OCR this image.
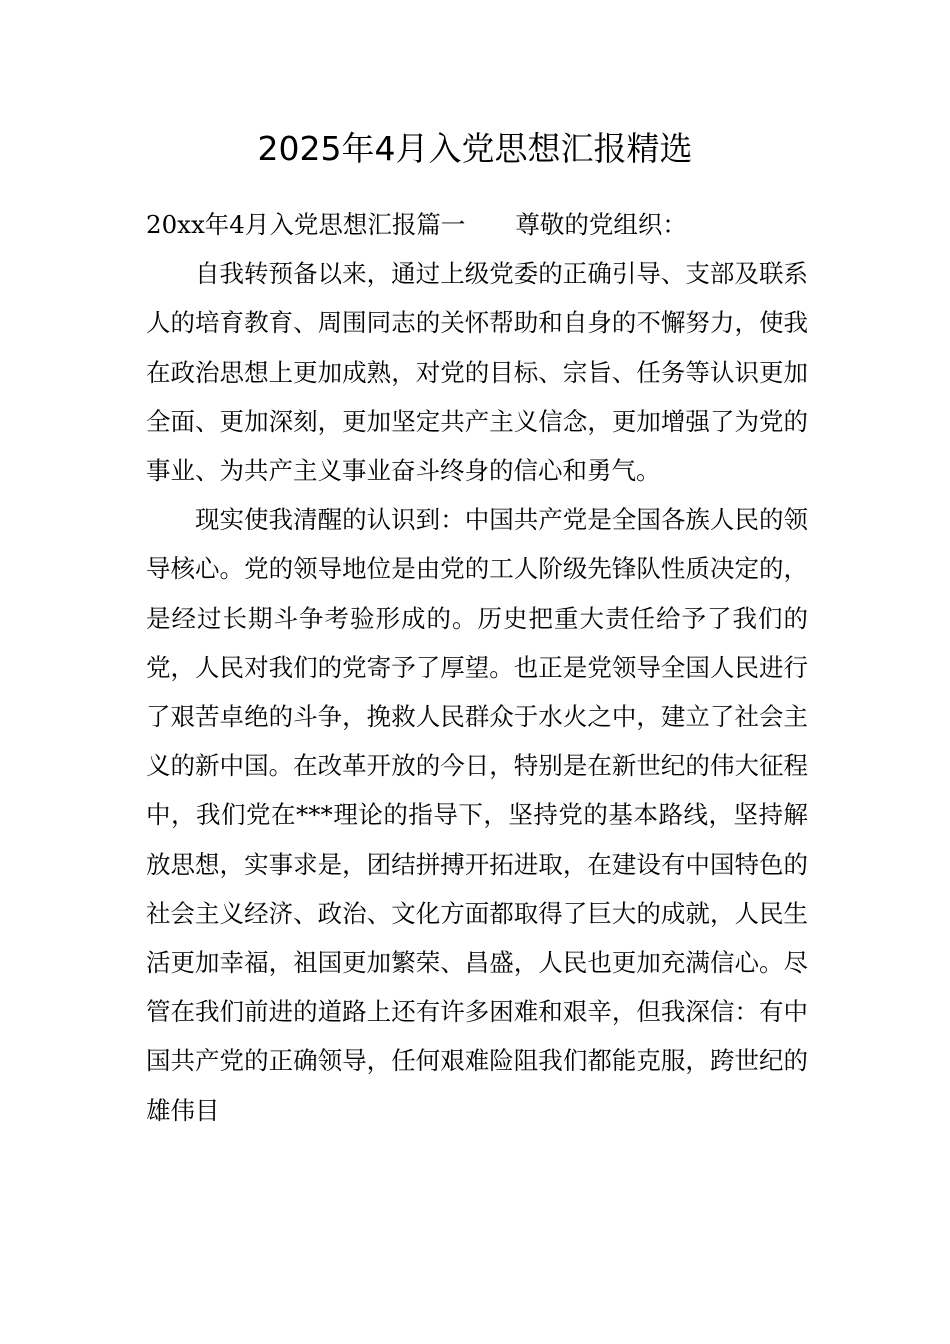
2025年4月入党思想汇报精选

20xx年4月入党思想汇报篇一 尊敬的党组织：

自我转预备以来，通过上级党委的正确引导、支部及联系人的培育教育、周围同志的关怀帮助和自身的不懈努力，使我在政治思想上更加成熟，对党的目标、宗旨、任务等认识更加全面、更加深刻，更加坚定共产主义信念，更加增强了为党的事业、为共产主义事业奋斗终身的信心和勇气。

现实使我清醒的认识到：中国共产党是全国各族人民的领导核心。党的领导地位是由党的工人阶级先锋队性质决定的，是经过长期斗争考验形成的。历史把重大责任给予了我们的党，人民对我们的党寄予了厚望。也正是党领导全国人民进行了艰苦卓绝的斗争，挽救人民群众于水火之中，建立了社会主义的新中国。在改革开放的今日，特别是在新世纪的伟大征程中，我们党在***理论的指导下，坚持党的基本路线，坚持解放思想，实事求是，团结拼搏开拓进取，在建设有中国特色的社会主义经济、政治、文化方面都取得了巨大的成就，人民生活更加幸福，祖国更加繁荣、昌盛，人民也更加充满信心。尽管在我们前进的道路上还有许多困难和艰辛，但我深信：有中国共产党的正确领导，任何艰难险阻我们都能克服，跨世纪的雄伟目
